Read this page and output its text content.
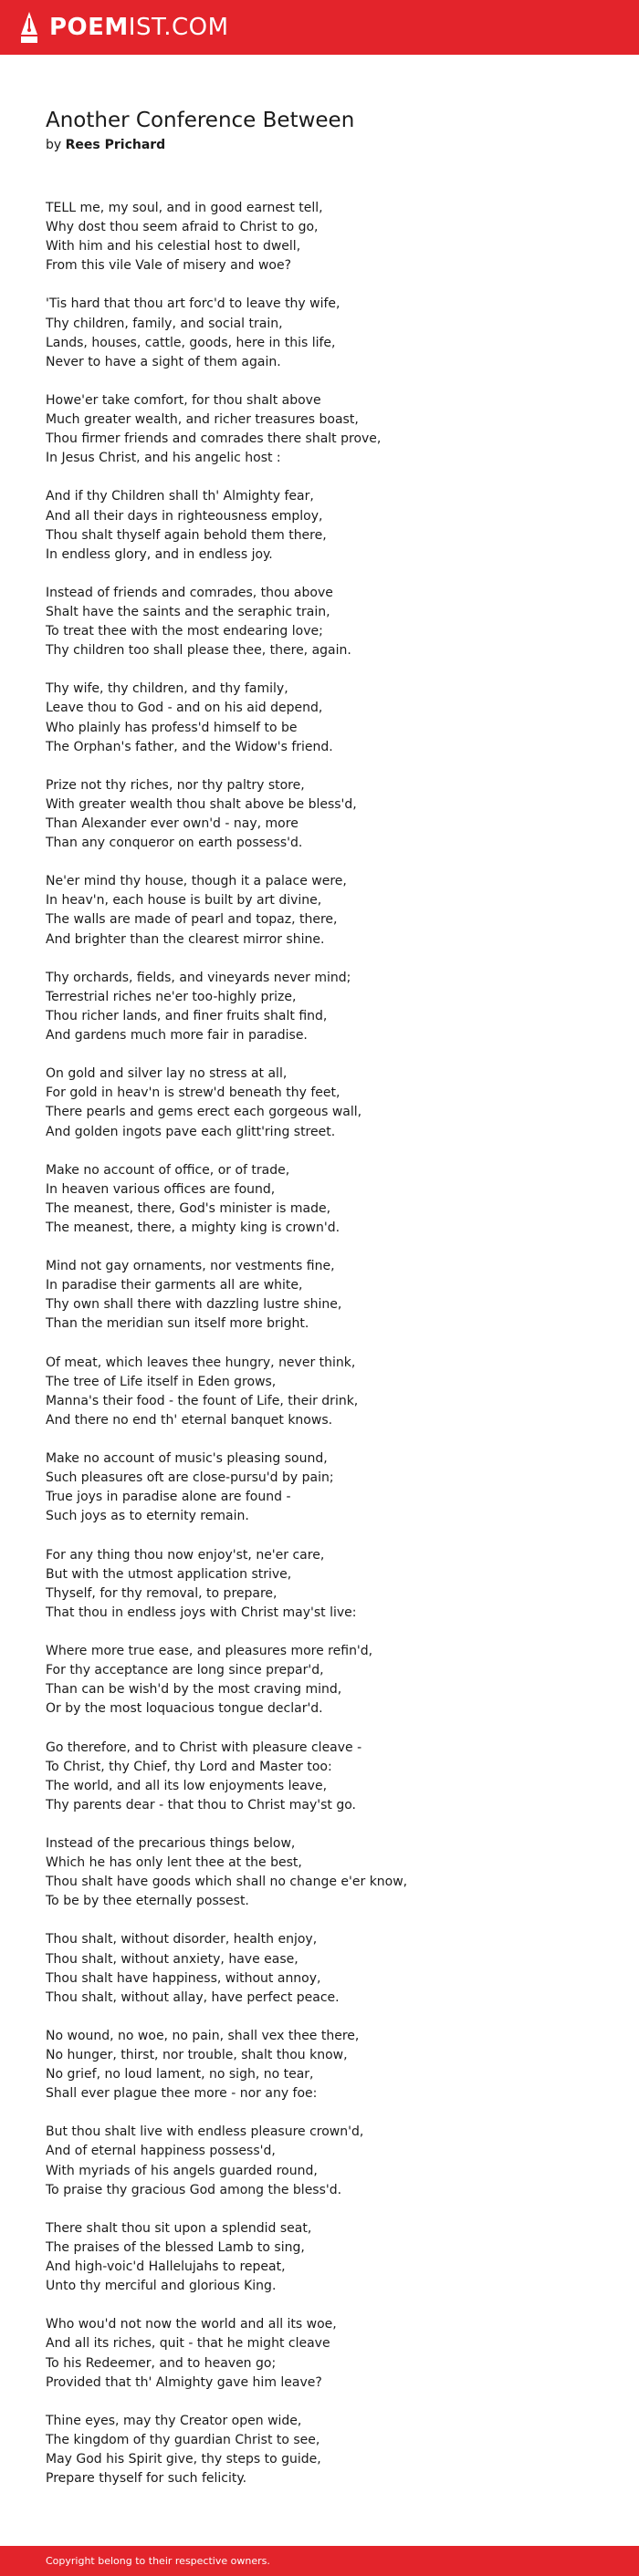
POEMIST.COM
Another Conference Between
by Rees Prichard
TELL me, my soul, and in good earnest tell,
Why dost thou seem afraid to Christ to go,
With him and his celestial host to dwell,
From this vile Vale of misery and woe?
'Tis hard that thou art forc'd to leave thy wife,
Thy children, family, and social train,
Lands, houses, cattle, goods, here in this life,
Never to have a sight of them again.
Howe'er take comfort, for thou shalt above
Much greater wealth, and richer treasures boast,
Thou firmer friends and comrades there shalt prove,
In Jesus Christ, and his angelic host :
And if thy Children shall th' Almighty fear,
And all their days in righteousness employ,
Thou shalt thyself again behold them there,
In endless glory, and in endless joy.
Instead of friends and comrades, thou above
Shalt have the saints and the seraphic train,
To treat thee with the most endearing love;
Thy children too shall please thee, there, again.
Thy wife, thy children, and thy family,
Leave thou to God - and on his aid depend,
Who plainly has profess'd himself to be
The Orphan's father, and the Widow's friend.
Prize not thy riches, nor thy paltry store,
With greater wealth thou shalt above be bless'd,
Than Alexander ever own'd - nay, more
Than any conqueror on earth possess'd.
Ne'er mind thy house, though it a palace were,
In heav'n, each house is built by art divine,
The walls are made of pearl and topaz, there,
And brighter than the clearest mirror shine.
Thy orchards, fields, and vineyards never mind;
Terrestrial riches ne'er too-highly prize,
Thou richer lands, and finer fruits shalt find,
And gardens much more fair in paradise.
On gold and silver lay no stress at all,
For gold in heav'n is strew'd beneath thy feet,
There pearls and gems erect each gorgeous wall,
And golden ingots pave each glitt'ring street.
Make no account of office, or of trade,
In heaven various offices are found,
The meanest, there, God's minister is made,
The meanest, there, a mighty king is crown'd.
Mind not gay ornaments, nor vestments fine,
In paradise their garments all are white,
Thy own shall there with dazzling lustre shine,
Than the meridian sun itself more bright.
Of meat, which leaves thee hungry, never think,
The tree of Life itself in Eden grows,
Manna's their food - the fount of Life, their drink,
And there no end th' eternal banquet knows.
Make no account of music's pleasing sound,
Such pleasures oft are close-pursu'd by pain;
True joys in paradise alone are found -
Such joys as to eternity remain.
For any thing thou now enjoy'st, ne'er care,
But with the utmost application strive,
Thyself, for thy removal, to prepare,
That thou in endless joys with Christ may'st live:
Where more true ease, and pleasures more refin'd,
For thy acceptance are long since prepar'd,
Than can be wish'd by the most craving mind,
Or by the most loquacious tongue declar'd.
Go therefore, and to Christ with pleasure cleave -
To Christ, thy Chief, thy Lord and Master too:
The world, and all its low enjoyments leave,
Thy parents dear - that thou to Christ may'st go.
Instead of the precarious things below,
Which he has only lent thee at the best,
Thou shalt have goods which shall no change e'er know,
To be by thee eternally possest.
Thou shalt, without disorder, health enjoy,
Thou shalt, without anxiety, have ease,
Thou shalt have happiness, without annoy,
Thou shalt, without allay, have perfect peace.
No wound, no woe, no pain, shall vex thee there,
No hunger, thirst, nor trouble, shalt thou know,
No grief, no loud lament, no sigh, no tear,
Shall ever plague thee more - nor any foe:
But thou shalt live with endless pleasure crown'd,
And of eternal happiness possess'd,
With myriads of his angels guarded round,
To praise thy gracious God among the bless'd.
There shalt thou sit upon a splendid seat,
The praises of the blessed Lamb to sing,
And high-voic'd Hallelujahs to repeat,
Unto thy merciful and glorious King.
Who wou'd not now the world and all its woe,
And all its riches, quit - that he might cleave
To his Redeemer, and to heaven go;
Provided that th' Almighty gave him leave?
Thine eyes, may thy Creator open wide,
The kingdom of thy guardian Christ to see,
May God his Spirit give, thy steps to guide,
Prepare thyself for such felicity.
Copyright belong to their respective owners.
